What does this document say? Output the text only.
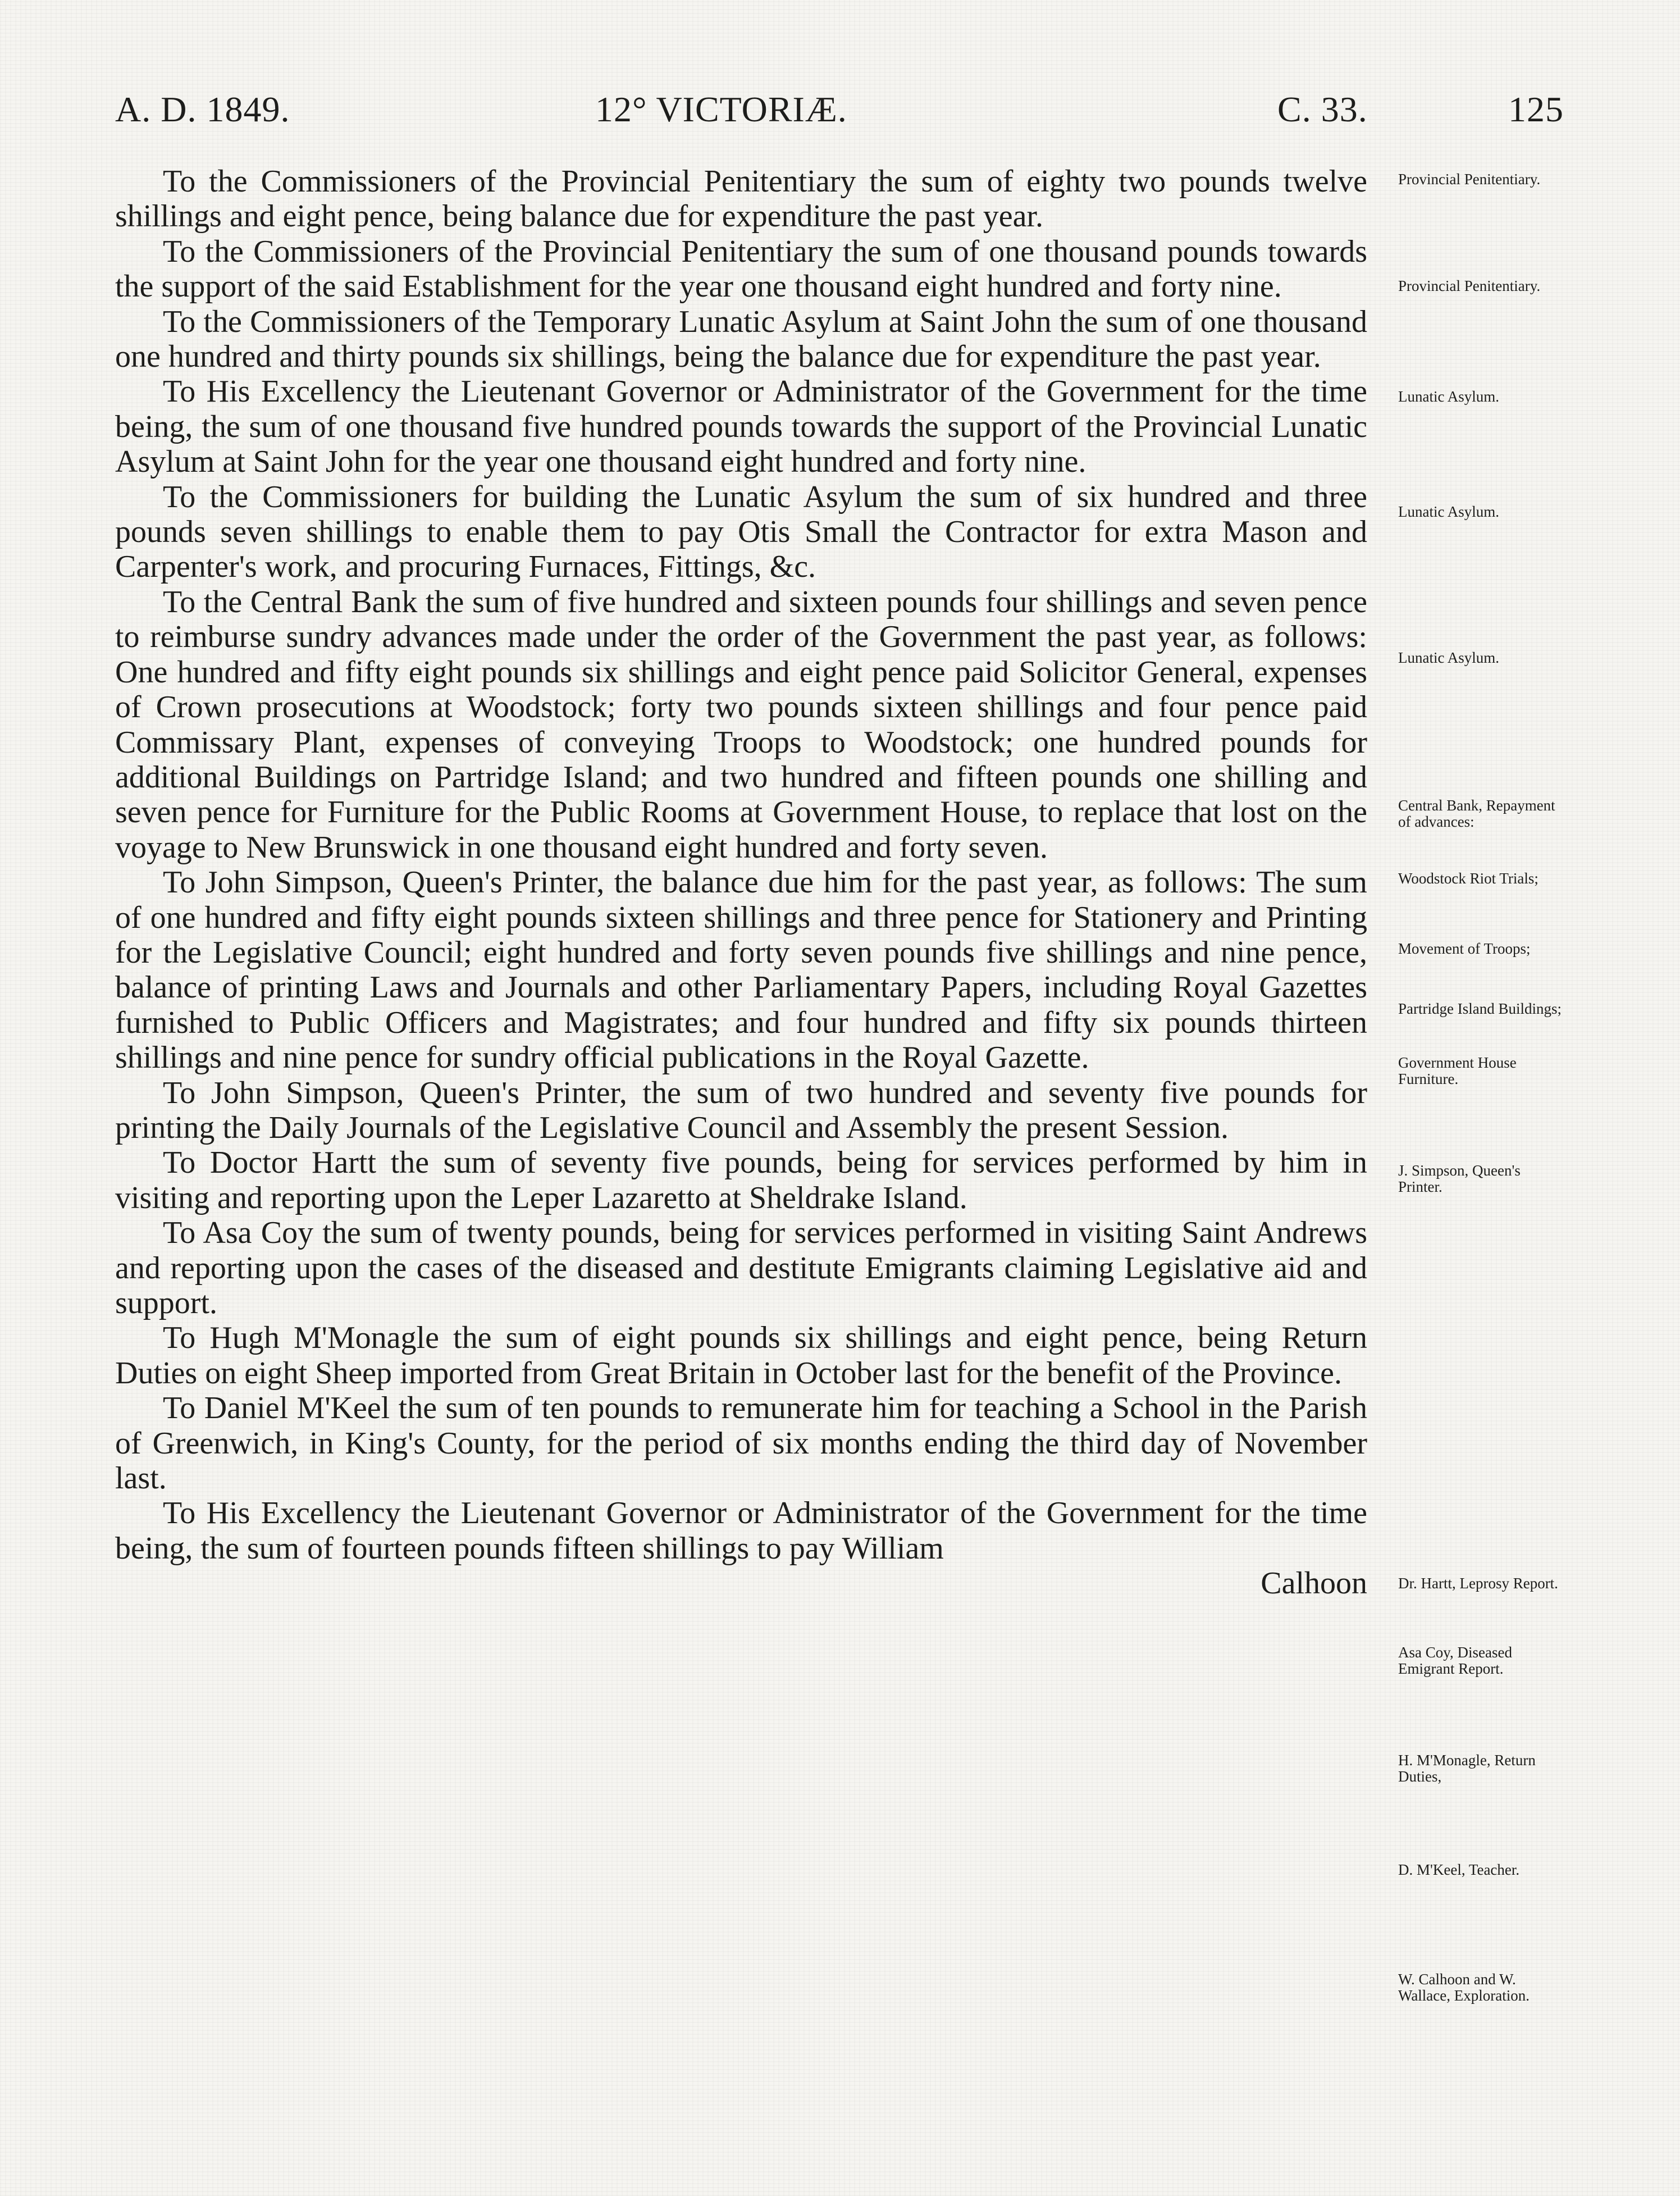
A. D. 1849.	12° VICTORIÆ.	C. 33.	125

To the Commissioners of the Provincial Penitentiary the sum of eighty two pounds twelve shillings and eight pence, being balance due for expenditure the past year.

To the Commissioners of the Provincial Penitentiary the sum of one thousand pounds towards the support of the said Establishment for the year one thousand eight hundred and forty nine.

To the Commissioners of the Temporary Lunatic Asylum at Saint John the sum of one thousand one hundred and thirty pounds six shillings, being the balance due for expenditure the past year.

To His Excellency the Lieutenant Governor or Administrator of the Government for the time being, the sum of one thousand five hundred pounds towards the support of the Provincial Lunatic Asylum at Saint John for the year one thousand eight hundred and forty nine.

To the Commissioners for building the Lunatic Asylum the sum of six hundred and three pounds seven shillings to enable them to pay Otis Small the Contractor for extra Mason and Carpenter's work, and procuring Furnaces, Fittings, &c.

To the Central Bank the sum of five hundred and sixteen pounds four shillings and seven pence to reimburse sundry advances made under the order of the Government the past year, as follows: One hundred and fifty eight pounds six shillings and eight pence paid Solicitor General, expenses of Crown prosecutions at Woodstock; forty two pounds sixteen shillings and four pence paid Commissary Plant, expenses of conveying Troops to Woodstock; one hundred pounds for additional Buildings on Partridge Island; and two hundred and fifteen pounds one shilling and seven pence for Furniture for the Public Rooms at Government House, to replace that lost on the voyage to New Brunswick in one thousand eight hundred and forty seven.

To John Simpson, Queen's Printer, the balance due him for the past year, as follows: The sum of one hundred and fifty eight pounds sixteen shillings and three pence for Stationery and Printing for the Legislative Council; eight hundred and forty seven pounds five shillings and nine pence, balance of printing Laws and Journals and other Parliamentary Papers, including Royal Gazettes furnished to Public Officers and Magistrates; and four hundred and fifty six pounds thirteen shillings and nine pence for sundry official publications in the Royal Gazette.

To John Simpson, Queen's Printer, the sum of two hundred and seventy five pounds for printing the Daily Journals of the Legislative Council and Assembly the present Session.

To Doctor Hartt the sum of seventy five pounds, being for services performed by him in visiting and reporting upon the Leper Lazaretto at Sheldrake Island.

To Asa Coy the sum of twenty pounds, being for services performed in visiting Saint Andrews and reporting upon the cases of the diseased and destitute Emigrants claiming Legislative aid and support.

To Hugh M'Monagle the sum of eight pounds six shillings and eight pence, being Return Duties on eight Sheep imported from Great Britain in October last for the benefit of the Province.

To Daniel M'Keel the sum of ten pounds to remunerate him for teaching a School in the Parish of Greenwich, in King's County, for the period of six months ending the third day of November last.

To His Excellency the Lieutenant Governor or Administrator of the Government for the time being, the sum of fourteen pounds fifteen shillings to pay William

Calhoon

Provincial Penitentiary.
Provincial Penitentiary.
Lunatic Asylum.
Lunatic Asylum.
Lunatic Asylum.
Central Bank, Repayment of advances:
Woodstock Riot Trials;
Movement of Troops;
Partridge Island Buildings;
Government House Furniture.
J. Simpson, Queen's Printer.
Dr. Hartt, Leprosy Report.
Asa Coy, Diseased Emigrant Report.
H. M'Monagle, Return Duties,
D. M'Keel, Teacher.
W. Calhoon and W. Wallace, Exploration.
